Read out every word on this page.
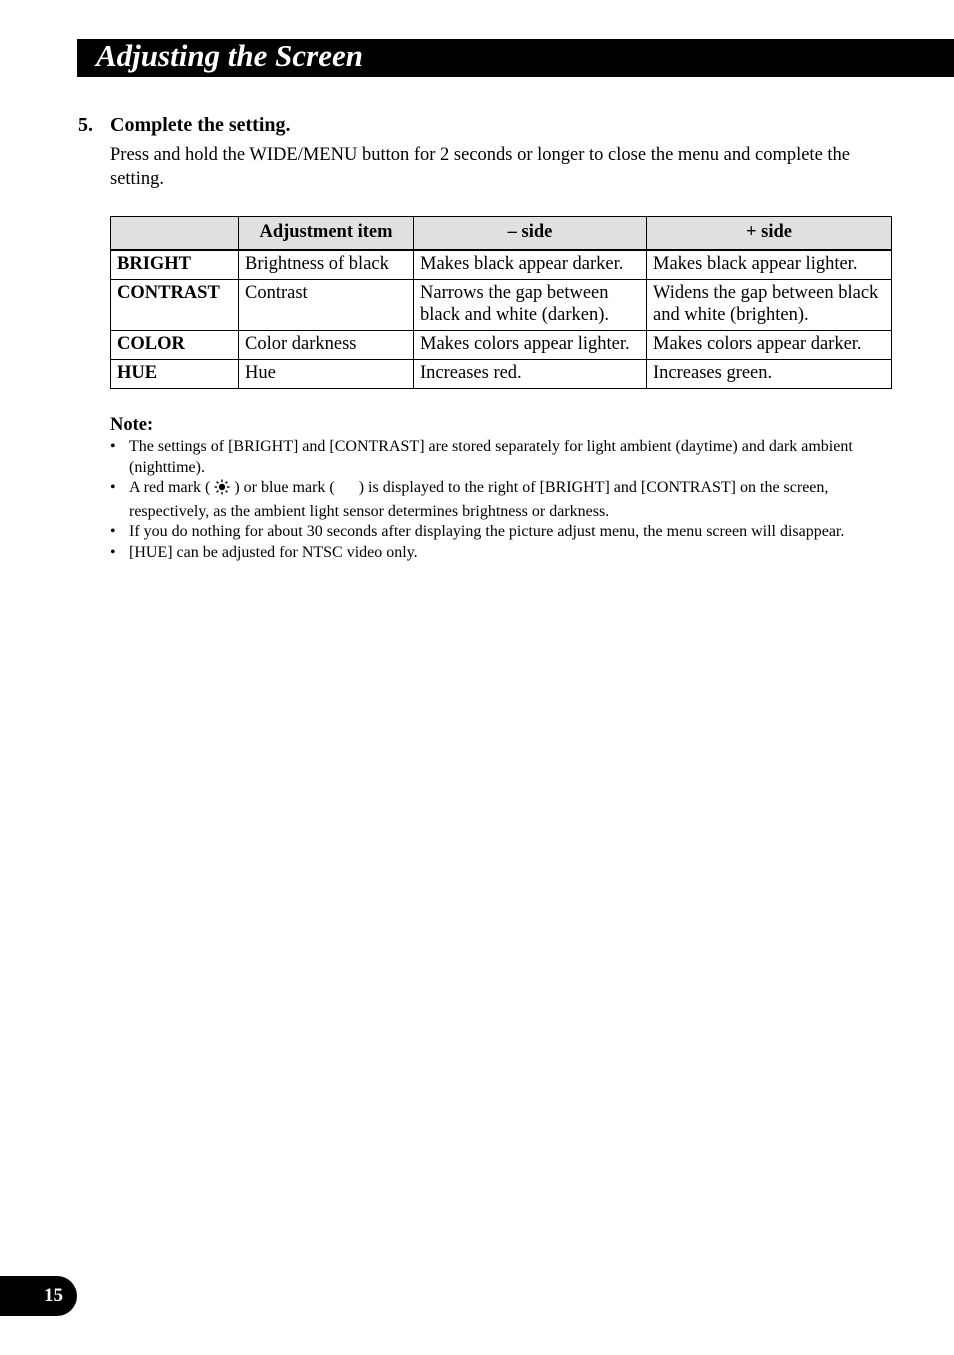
Adjusting the Screen
5. Complete the setting.
Press and hold the WIDE/MENU button for 2 seconds or longer to close the menu and complete the setting.
	Adjustment item	– side	+ side
BRIGHT	Brightness of black	Makes black appear darker.	Makes black appear lighter.
CONTRAST	Contrast	Narrows the gap between black and white (darken).	Widens the gap between black and white (brighten).
COLOR	Color darkness	Makes colors appear lighter.	Makes colors appear darker.
HUE	Hue	Increases red.	Increases green.
Note:
• The settings of [BRIGHT] and [CONTRAST] are stored separately for light ambient (daytime) and dark ambient (nighttime).
• A red mark ( ) or blue mark ( ) is displayed to the right of [BRIGHT] and [CONTRAST] on the screen, respectively, as the ambient light sensor determines brightness or darkness.
• If you do nothing for about 30 seconds after displaying the picture adjust menu, the menu screen will disappear.
• [HUE] can be adjusted for NTSC video only.
15
